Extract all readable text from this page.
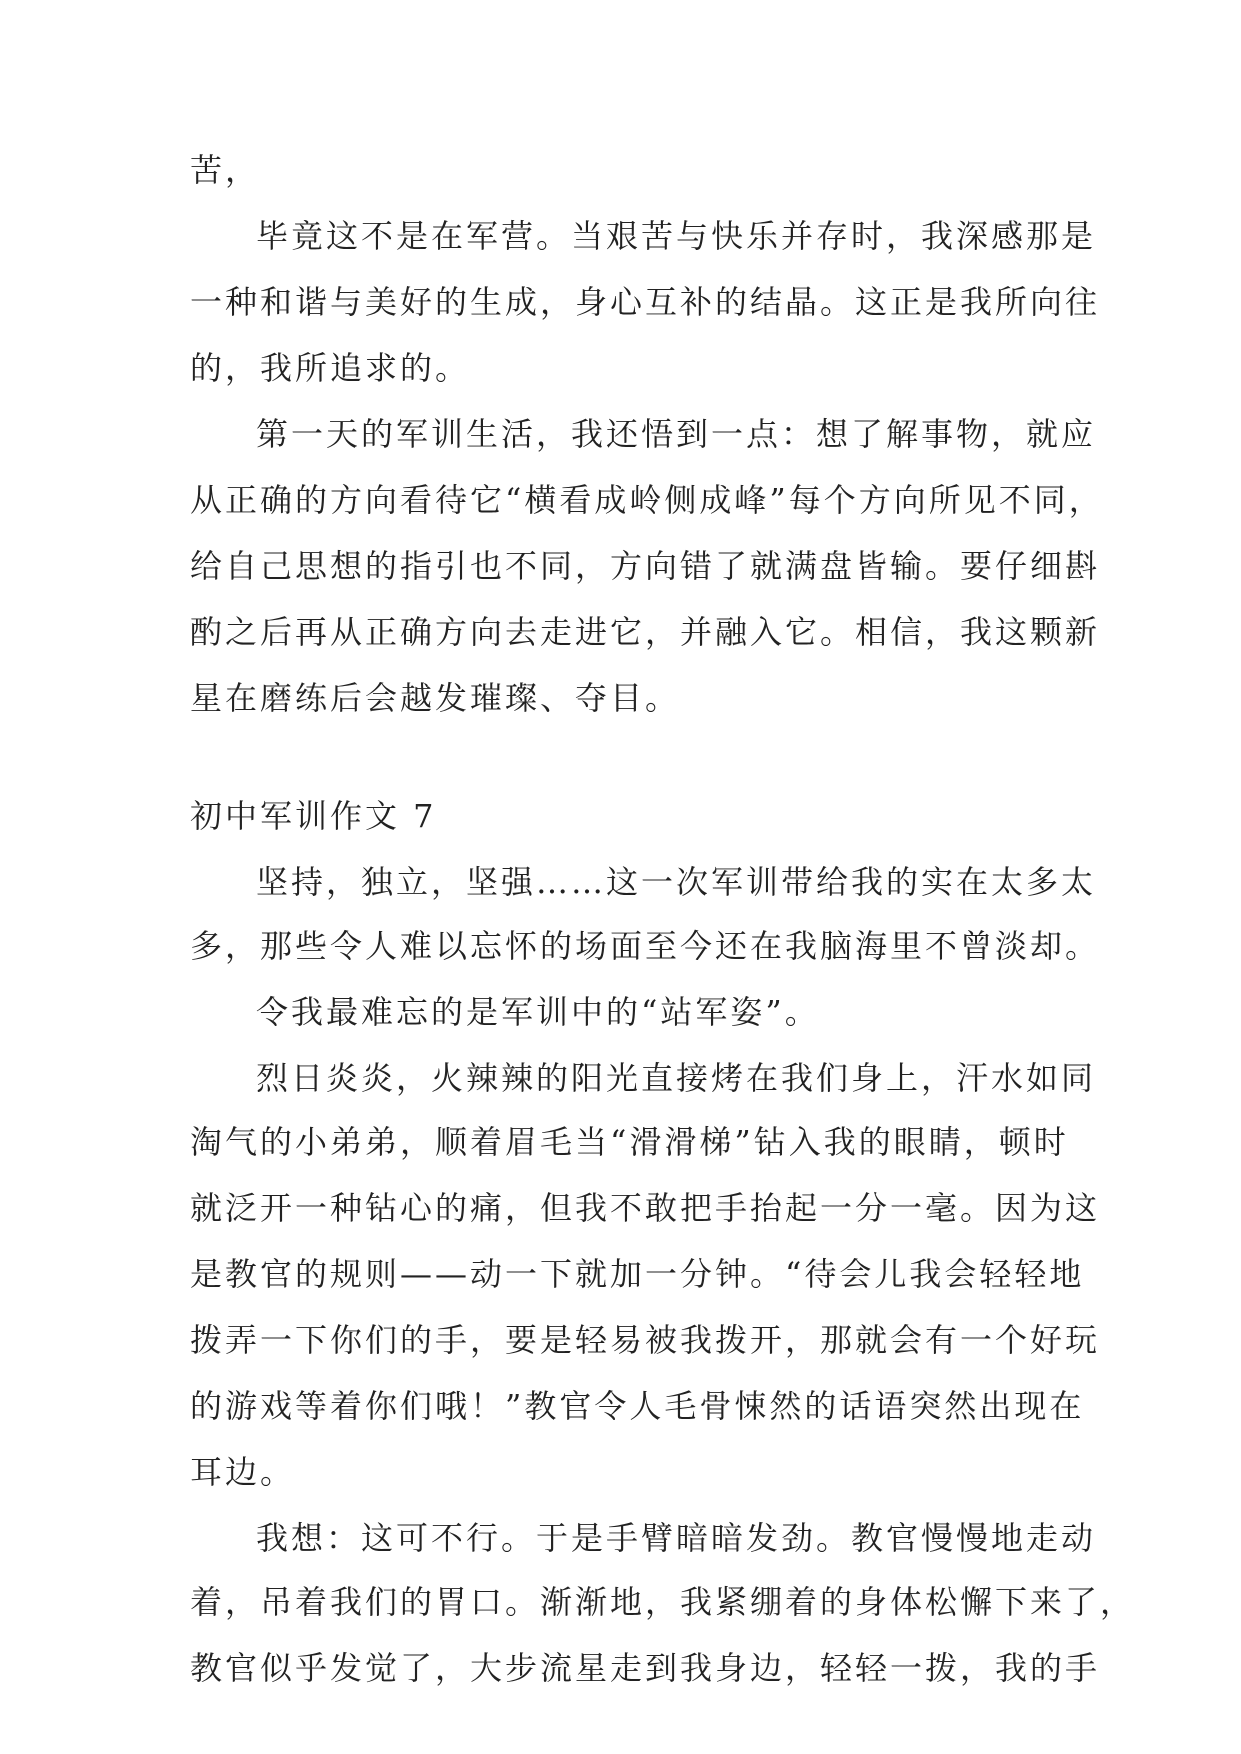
苦，
毕竟这不是在军营。当艰苦与快乐并存时，我深感那是
一种和谐与美好的生成，身心互补的结晶。这正是我所向往
的，我所追求的。
第一天的军训生活，我还悟到一点：想了解事物，就应
从正确的方向看待它“横看成岭侧成峰”每个方向所见不同，
给自己思想的指引也不同，方向错了就满盘皆输。要仔细斟
酌之后再从正确方向去走进它，并融入它。相信，我这颗新
星在磨练后会越发璀璨、夺目。
初中军训作文 7
坚持，独立，坚强……这一次军训带给我的实在太多太
多，那些令人难以忘怀的场面至今还在我脑海里不曾淡却。
令我最难忘的是军训中的“站军姿”。
烈日炎炎，火辣辣的阳光直接烤在我们身上，汗水如同
淘气的小弟弟，顺着眉毛当“滑滑梯”钻入我的眼睛，顿时
就泛开一种钻心的痛，但我不敢把手抬起一分一毫。因为这
是教官的规则——动一下就加一分钟。“待会儿我会轻轻地
拨弄一下你们的手，要是轻易被我拨开，那就会有一个好玩
的游戏等着你们哦！”教官令人毛骨悚然的话语突然出现在
耳边。
我想：这可不行。于是手臂暗暗发劲。教官慢慢地走动
着，吊着我们的胃口。渐渐地，我紧绷着的身体松懈下来了，
教官似乎发觉了，大步流星走到我身边，轻轻一拨，我的手
